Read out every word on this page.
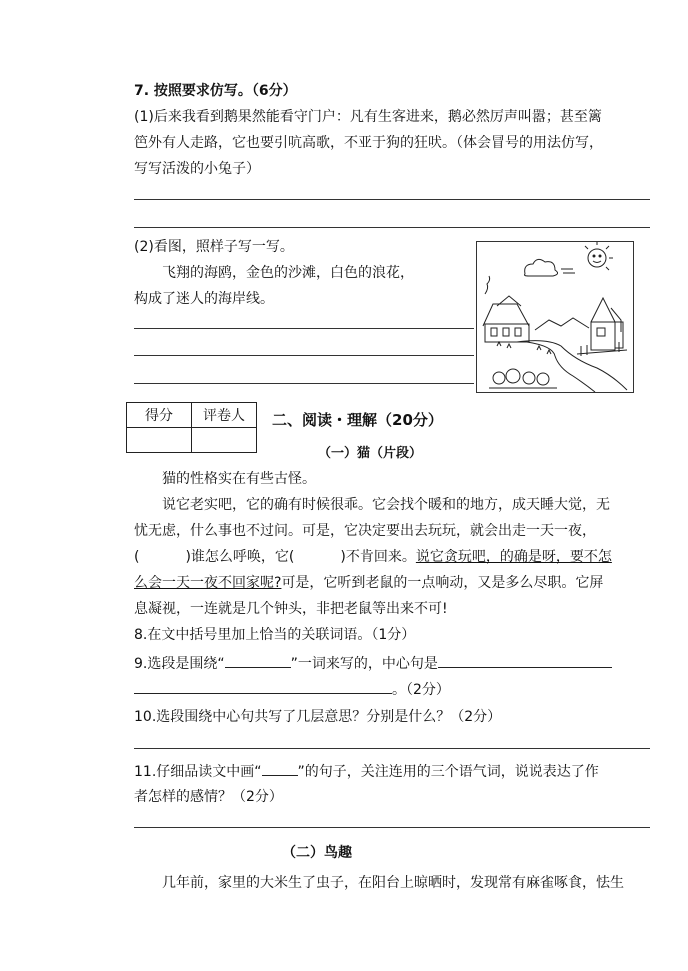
7. 按照要求仿写。（6分）
(1)后来我看到鹅果然能看守门户：凡有生客进来，鹅必然厉声叫嚣；甚至篱
笆外有人走路，它也要引吭高歌，不亚于狗的狂吠。（体会冒号的用法仿写，
写写活泼的小兔子）
(2)看图，照样子写一写。
飞翔的海鸥，金色的沙滩，白色的浪花，
构成了迷人的海岸线。
得分	评卷人
	二、阅读・理解（20分）
（一）猫（片段）
猫的性格实在有些古怪。
说它老实吧，它的确有时候很乖。它会找个暖和的地方，成天睡大觉，无
忧无虑，什么事也不过问。可是，它决定要出去玩玩，就会出走一天一夜，
(	)谁怎么呼唤，它(	)不肯回来。说它贪玩吧，的确是呀，要不怎
么会一天一夜不回家呢?可是，它听到老鼠的一点响动，又是多么尽职。它屏
息凝视，一连就是几个钟头，非把老鼠等出来不可!
8.在文中括号里加上恰当的关联词语。（1分）
9.选段是围绕“	”一词来写的，中心句是
。（2分）
10.选段围绕中心句共写了几层意思？分别是什么？（2分）
11.仔细品读文中画“	”的句子，关注连用的三个语气词，说说表达了作
者怎样的感情？（2分）
（二）鸟趣
几年前，家里的大米生了虫子，在阳台上晾晒时，发现常有麻雀啄食，怯生
